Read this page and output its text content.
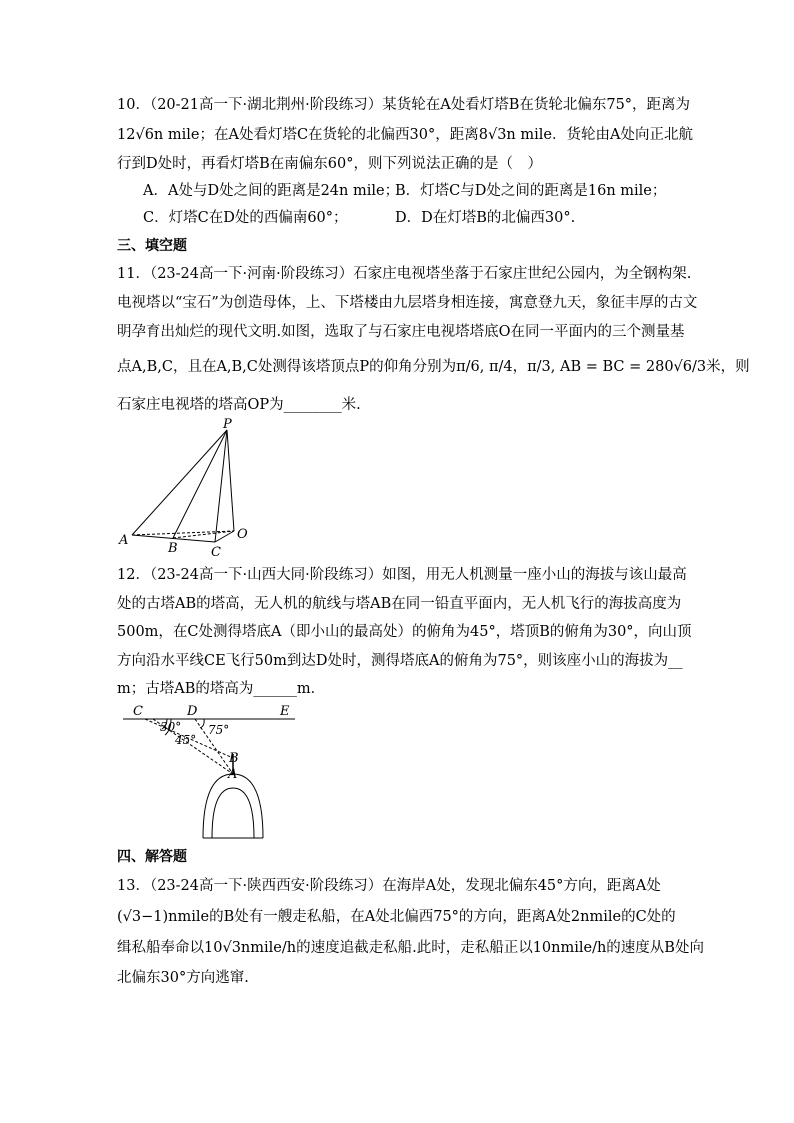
10．（20-21高一下·湖北荆州·阶段练习）某货轮在A处看灯塔B在货轮北偏东75°，距离为
12√6n mile；在A处看灯塔C在货轮的北偏西30°，距离8√3n mile．货轮由A处向正北航
行到D处时，再看灯塔B在南偏东60°，则下列说法正确的是（　）
A．A处与D处之间的距离是24n mile；
B．灯塔C与D处之间的距离是16n mile；
C．灯塔C在D处的西偏南60°；	D．D在灯塔B的北偏西30°.
三、填空题
11．（23-24高一下·河南·阶段练习）石家庄电视塔坐落于石家庄世纪公园内，为全钢构架.
电视塔以“宝石”为创造母体，上、下塔楼由九层塔身相连接，寓意登九天，象征丰厚的古文
明孕育出灿烂的现代文明.如图，选取了与石家庄电视塔塔底O在同一平面内的三个测量基
点A,B,C，且在A,B,C处测得该塔顶点P的仰角分别为π/6, π/4，π/3, AB = BC = 280√6/3米，则
石家庄电视塔的塔高OP为________米.
P
A
B	C
O
12．（23-24高一下·山西大同·阶段练习）如图，用无人机测量一座小山的海拔与该山最高
处的古塔AB的塔高，无人机的航线与塔AB在同一铅直平面内，无人机飞行的海拔高度为
500m，在C处测得塔底A（即小山的最高处）的俯角为45°，塔顶B的俯角为30°，向山顶
方向沿水平线CE飞行50m到达D处时，测得塔底A的俯角为75°，则该座小山的海拔为__
m；古塔AB的塔高为______m．
C	D	E
30°
45°
75°
B
A
四、解答题
13．（23-24高一下·陕西西安·阶段练习）在海岸A处，发现北偏东45°方向，距离A处
(√3−1)nmile的B处有一艘走私船，在A处北偏西75°的方向，距离A处2nmile的C处的
缉私船奉命以10√3nmile/h的速度追截走私船.此时，走私船正以10nmile/h的速度从B处向
北偏东30°方向逃窜.
